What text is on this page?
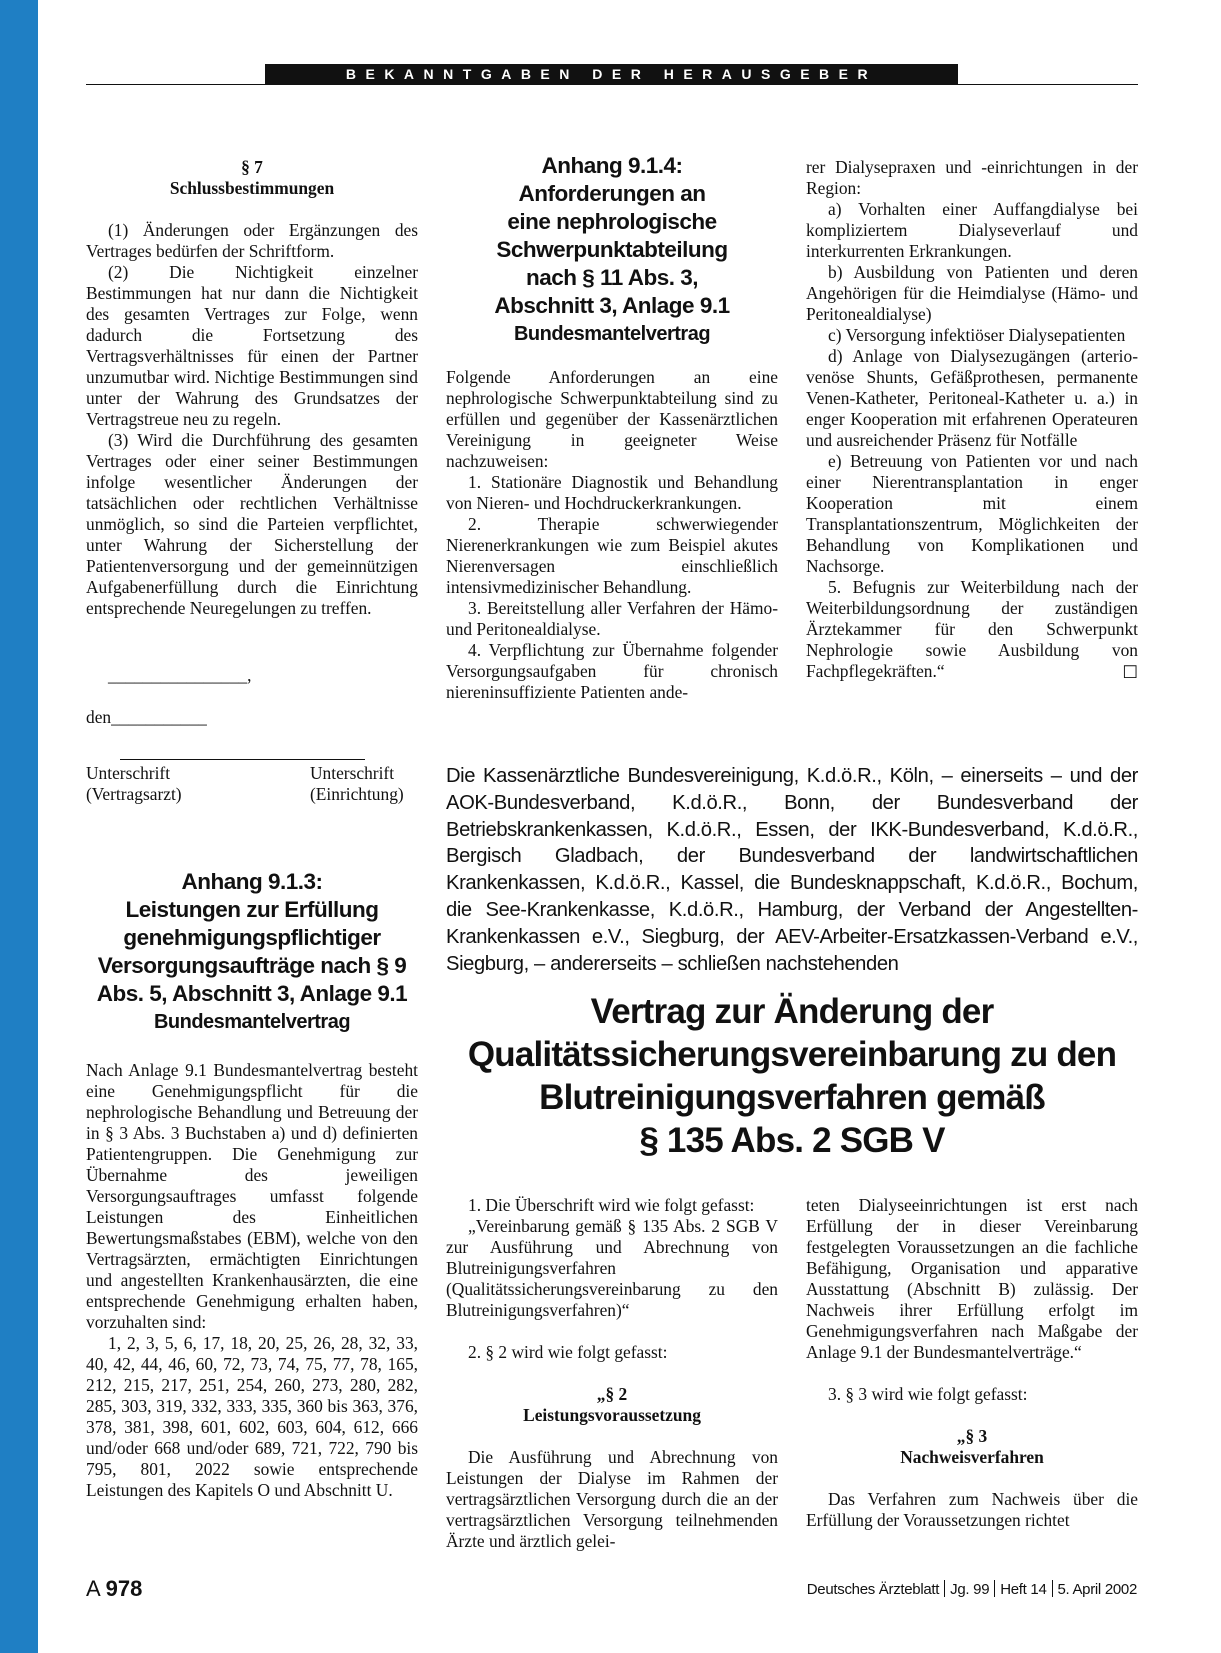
BEKANNTGABEN DER HERAUSGEBER
§ 7
Schlussbestimmungen

(1) Änderungen oder Ergänzungen des Vertrages bedürfen der Schriftform.

(2) Die Nichtigkeit einzelner Bestimmungen hat nur dann die Nichtigkeit des gesamten Vertrages zur Folge, wenn dadurch die Fortsetzung des Vertragsverhältnisses für einen der Partner unzumutbar wird. Nichtige Bestimmungen sind unter der Wahrung des Grundsatzes der Vertragstreue neu zu regeln.

(3) Wird die Durchführung des gesamten Vertrages oder einer seiner Bestimmungen infolge wesentlicher Änderungen der tatsächlichen oder rechtlichen Verhältnisse unmöglich, so sind die Parteien verpflichtet, unter Wahrung der Sicherstellung der Patientenversorgung und der gemeinnützigen Aufgabenerfüllung durch die Einrichtung entsprechende Neuregelungen zu treffen.

________________,
den___________
Unterschrift
(Vertragsarzt)
Unterschrift
(Einrichtung)
Anhang 9.1.3:
Leistungen zur Erfüllung
genehmigungspflichtiger
Versorgungsaufträge nach § 9
Abs. 5, Abschnitt 3, Anlage 9.1
Bundesmantelvertrag

Nach Anlage 9.1 Bundesmantelvertrag besteht eine Genehmigungspflicht für die nephrologische Behandlung und Betreuung der in § 3 Abs. 3 Buchstaben a) und d) definierten Patientengruppen. Die Genehmigung zur Übernahme des jeweiligen Versorgungsauftrages umfasst folgende Leistungen des Einheitlichen Bewertungsmaßstabes (EBM), welche von den Vertragsärzten, ermächtigten Einrichtungen und angestellten Krankenhausärzten, die eine entsprechende Genehmigung erhalten haben, vorzuhalten sind:

1, 2, 3, 5, 6, 17, 18, 20, 25, 26, 28, 32, 33, 40, 42, 44, 46, 60, 72, 73, 74, 75, 77, 78, 165, 212, 215, 217, 251, 254, 260, 273, 280, 282, 285, 303, 319, 332, 333, 335, 360 bis 363, 376, 378, 381, 398, 601, 602, 603, 604, 612, 666 und/oder 668 und/oder 689, 721, 722, 790 bis 795, 801, 2022 sowie entsprechende Leistungen des Kapitels O und Abschnitt U.

Anhang 9.1.4:
Anforderungen an
eine nephrologische
Schwerpunktabteilung
nach § 11 Abs. 3,
Abschnitt 3, Anlage 9.1
Bundesmantelvertrag

Folgende Anforderungen an eine nephrologische Schwerpunktabteilung sind zu erfüllen und gegenüber der Kassenärztlichen Vereinigung in geeigneter Weise nachzuweisen:

1. Stationäre Diagnostik und Behandlung von Nieren- und Hochdruckerkrankungen.

2. Therapie schwerwiegender Nierenerkrankungen wie zum Beispiel akutes Nierenversagen einschließlich intensivmedizinischer Behandlung.

3. Bereitstellung aller Verfahren der Hämo- und Peritonealdialyse.

4. Verpflichtung zur Übernahme folgender Versorgungsaufgaben für chronisch niereninsuffiziente Patienten ande-

rer Dialysepraxen und -einrichtungen in der Region:

a) Vorhalten einer Auffangdialyse bei kompliziertem Dialyseverlauf und interkurrenten Erkrankungen.

b) Ausbildung von Patienten und deren Angehörigen für die Heimdialyse (Hämo- und Peritonealdialyse)

c) Versorgung infektiöser Dialysepatienten

d) Anlage von Dialysezugängen (arterio-venöse Shunts, Gefäßprothesen, permanente Venen-Katheter, Peritoneal-Katheter u. a.) in enger Kooperation mit erfahrenen Operateuren und ausreichender Präsenz für Notfälle

e) Betreuung von Patienten vor und nach einer Nierentransplantation in enger Kooperation mit einem Transplantationszentrum, Möglichkeiten der Behandlung von Komplikationen und Nachsorge.

5. Befugnis zur Weiterbildung nach der Weiterbildungsordnung der zuständigen Ärztekammer für den Schwerpunkt Nephrologie sowie Ausbildung von Fachpflegekräften.“	☐
Die Kassenärztliche Bundesvereinigung, K.d.ö.R., Köln, – einerseits – und der AOK-Bundesverband, K.d.ö.R., Bonn, der Bundesverband der Betriebskrankenkassen, K.d.ö.R., Essen, der IKK-Bundesverband, K.d.ö.R., Bergisch Gladbach, der Bundesverband der landwirtschaftlichen Krankenkassen, K.d.ö.R., Kassel, die Bundesknappschaft, K.d.ö.R., Bochum, die See-Krankenkasse, K.d.ö.R., Hamburg, der Verband der Angestellten-Krankenkassen e.V., Siegburg, der AEV-Arbeiter-Ersatzkassen-Verband e.V., Siegburg, – andererseits – schließen nachstehenden
Vertrag zur Änderung der
Qualitätssicherungsvereinbarung zu den
Blutreinigungsverfahren gemäß
§ 135 Abs. 2 SGB V

1. Die Überschrift wird wie folgt gefasst:

„Vereinbarung gemäß § 135 Abs. 2 SGB V zur Ausführung und Abrechnung von Blutreinigungsverfahren (Qualitätssicherungsvereinbarung zu den Blutreinigungsverfahren)“

2. § 2 wird wie folgt gefasst:

„§ 2

Leistungsvoraussetzung

Die Ausführung und Abrechnung von Leistungen der Dialyse im Rahmen der vertragsärztlichen Versorgung durch die an der vertragsärztlichen Versorgung teilnehmenden Ärzte und ärztlich gelei-

teten Dialyseeinrichtungen ist erst nach Erfüllung der in dieser Vereinbarung festgelegten Voraussetzungen an die fachliche Befähigung, Organisation und apparative Ausstattung (Abschnitt B) zulässig. Der Nachweis ihrer Erfüllung erfolgt im Genehmigungsverfahren nach Maßgabe der Anlage 9.1 der Bundesmantelverträge.“

3. § 3 wird wie folgt gefasst:

„§ 3

Nachweisverfahren

Das Verfahren zum Nachweis über die Erfüllung der Voraussetzungen richtet

A 978	Deutsches Ärzteblatt Jg. 99 Heft 14 5. April 2002
